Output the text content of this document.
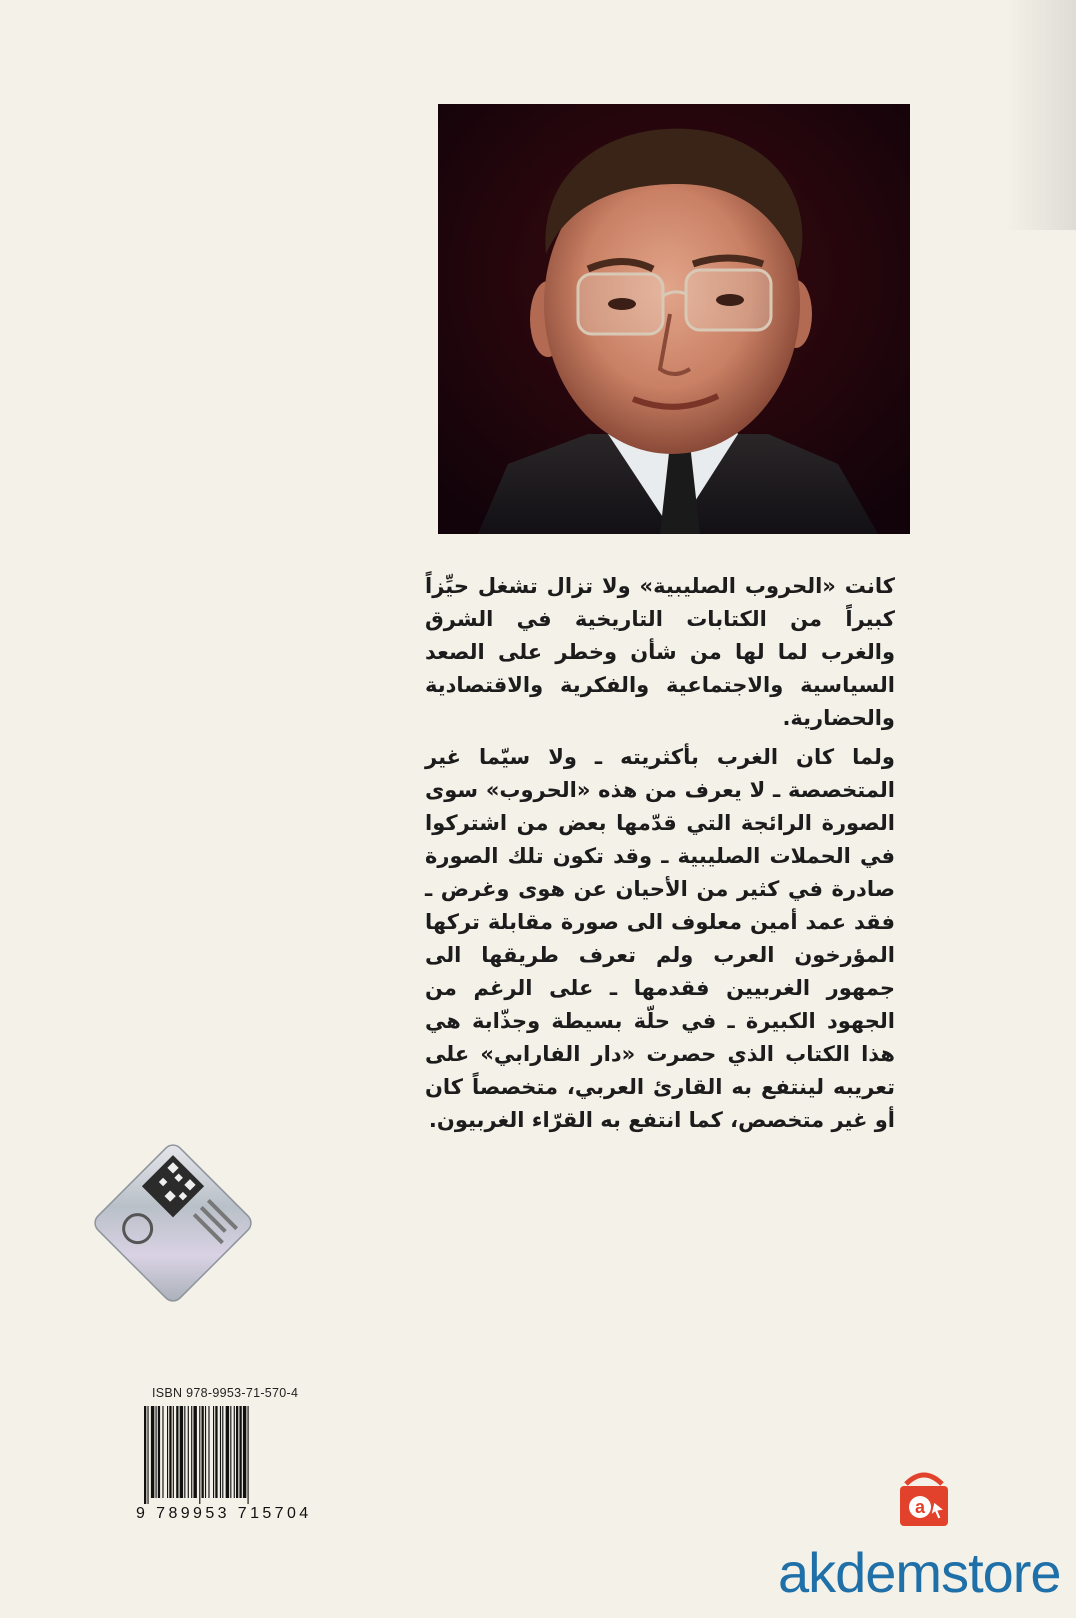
كانت «الحروب الصليبية» ولا تزال تشغل حيِّزاً كبيراً من الكتابات التاريخية في الشرق والغرب لما لها من شأن وخطر على الصعد السياسية والاجتماعية والفكرية والاقتصادية والحضارية.

ولما كان الغرب بأكثريته ـ ولا سيّما غير المتخصصة ـ لا يعرف من هذه «الحروب» سوى الصورة الرائجة التي قدّمها بعض من اشتركوا في الحملات الصليبية ـ وقد تكون تلك الصورة صادرة في كثير من الأحيان عن هوى وغرض ـ فقد عمد أمين معلوف الى صورة مقابلة تركها المؤرخون العرب ولم تعرف طريقها الى جمهور الغربيين فقدمها ـ على الرغم من الجهود الكبيرة ـ في حلّة بسيطة وجذّابة هي هذا الكتاب الذي حصرت «دار الفارابي» على تعريبه لينتفع به القارئ العربي، متخصصاً كان أو غير متخصص، كما انتفع به القرّاء الغربيون.

ISBN 978-9953-71-570-4
9 789953 715704	a
akdemstore
